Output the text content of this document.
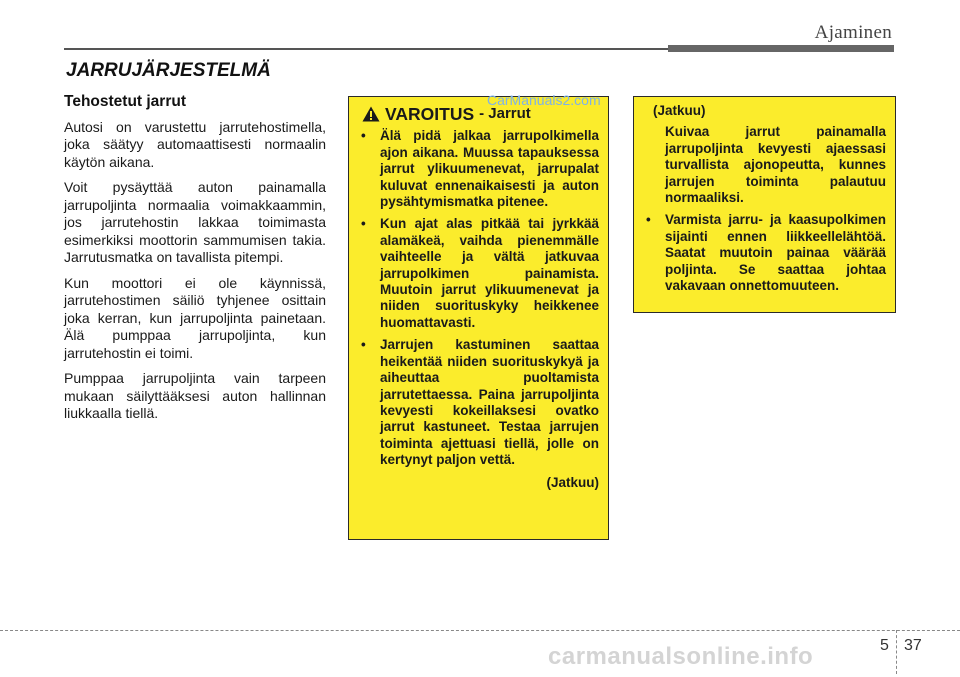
Ajaminen
JARRUJÄRJESTELMÄ
Tehostetut jarrut

Autosi on varustettu jarrutehostimella, joka säätyy automaattisesti normaalin käytön aikana.

Voit pysäyttää auton painamalla jarrupoljinta normaalia voimakkaammin, jos jarrutehostin lakkaa toimimasta esimerkiksi moottorin sammumisen takia. Jarrutusmatka on tavallista pitempi.

Kun moottori ei ole käynnissä, jarrutehostimen säiliö tyhjenee osittain joka kerran, kun jarrupoljinta painetaan. Älä pumppaa jarrupoljinta, kun jarrutehostin ei toimi.

Pumppaa jarrupoljinta vain tarpeen mukaan säilyttääksesi auton hallinnan liukkaalla tiellä.

VAROITUS - Jarrut
• Älä pidä jalkaa jarrupolkimella ajon aikana. Muussa tapauksessa jarrut ylikuumenevat, jarrupalat kuluvat ennenaikaisesti ja auton pysähtymismatka pitenee.
• Kun ajat alas pitkää tai jyrkkää alamäkeä, vaihda pienemmälle vaihteelle ja vältä jatkuvaa jarrupolkimen painamista. Muutoin jarrut ylikuumenevat ja niiden suorituskyky heikkenee huomattavasti.
• Jarrujen kastuminen saattaa heikentää niiden suorituskykyä ja aiheuttaa puoltamista jarrutettaessa. Paina jarrupoljinta kevyesti kokeillaksesi ovatko jarrut kastuneet. Testaa jarrujen toiminta ajettuasi tiellä, jolle on kertynyt paljon vettä.
(Jatkuu)
(Jatkuu)
Kuivaa jarrut painamalla jarrupoljinta kevyesti ajaessasi turvallista ajonopeutta, kunnes jarrujen toiminta palautuu normaaliksi.
• Varmista jarru- ja kaasupolkimen sijainti ennen liikkeellelähtöä. Saatat muutoin painaa väärää poljinta. Se saattaa johtaa vakavaan onnettomuuteen.
CarManuals2.com
5 37
carmanualsonline.info
